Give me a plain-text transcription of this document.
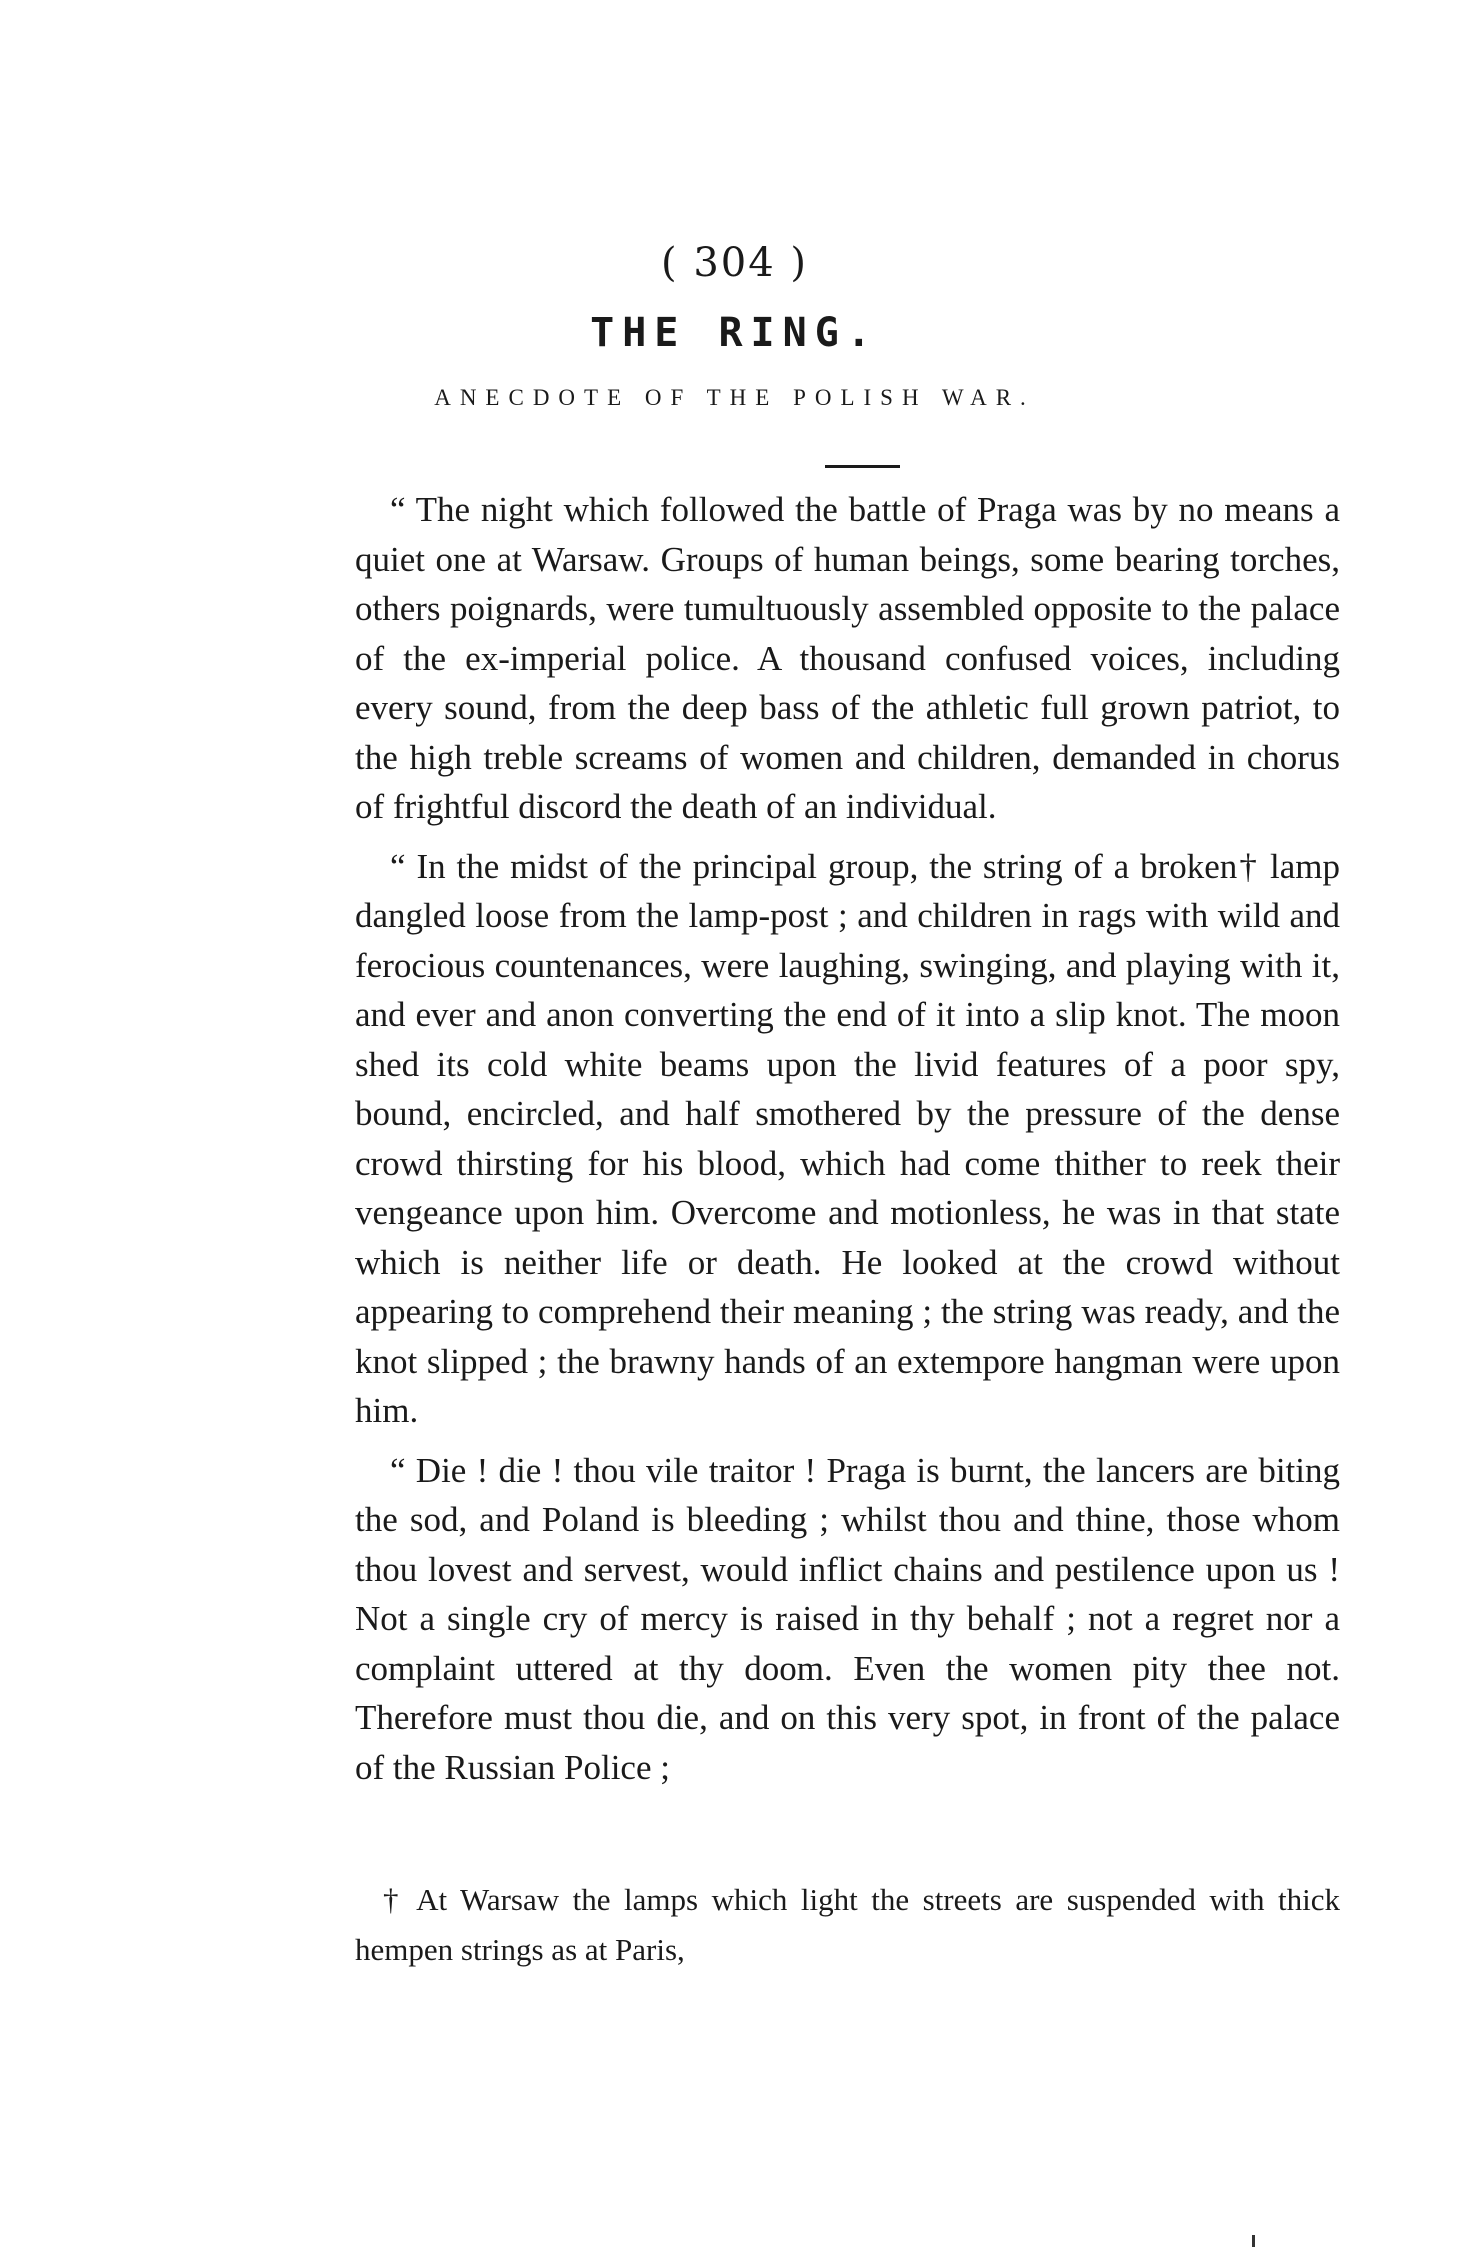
( 304 )
THE RING.
ANECDOTE OF THE POLISH WAR.

“ The night which followed the battle of Praga was by no means a quiet one at Warsaw. Groups of human beings, some bearing torches, others poignards, were tumultuously assembled opposite to the palace of the ex-imperial police. A thousand confused voices, including every sound, from the deep bass of the athletic full grown patriot, to the high treble screams of women and children, demanded in chorus of frightful discord the death of an individual.

“ In the midst of the principal group, the string of a broken† lamp dangled loose from the lamp-post ; and children in rags with wild and ferocious countenances, were laughing, swinging, and playing with it, and ever and anon converting the end of it into a slip knot. The moon shed its cold white beams upon the livid features of a poor spy, bound, encircled, and half smothered by the pressure of the dense crowd thirsting for his blood, which had come thither to reek their vengeance upon him. Overcome and motionless, he was in that state which is neither life or death. He looked at the crowd without appearing to comprehend their meaning ; the string was ready, and the knot slipped ; the brawny hands of an extempore hangman were upon him.

“ Die ! die ! thou vile traitor ! Praga is burnt, the lancers are biting the sod, and Poland is bleeding ; whilst thou and thine, those whom thou lovest and servest, would inflict chains and pestilence upon us ! Not a single cry of mercy is raised in thy behalf ; not a regret nor a complaint uttered at thy doom. Even the women pity thee not. Therefore must thou die, and on this very spot, in front of the palace of the Russian Police ;

† At Warsaw the lamps which light the streets are suspended with thick hempen strings as at Paris,
